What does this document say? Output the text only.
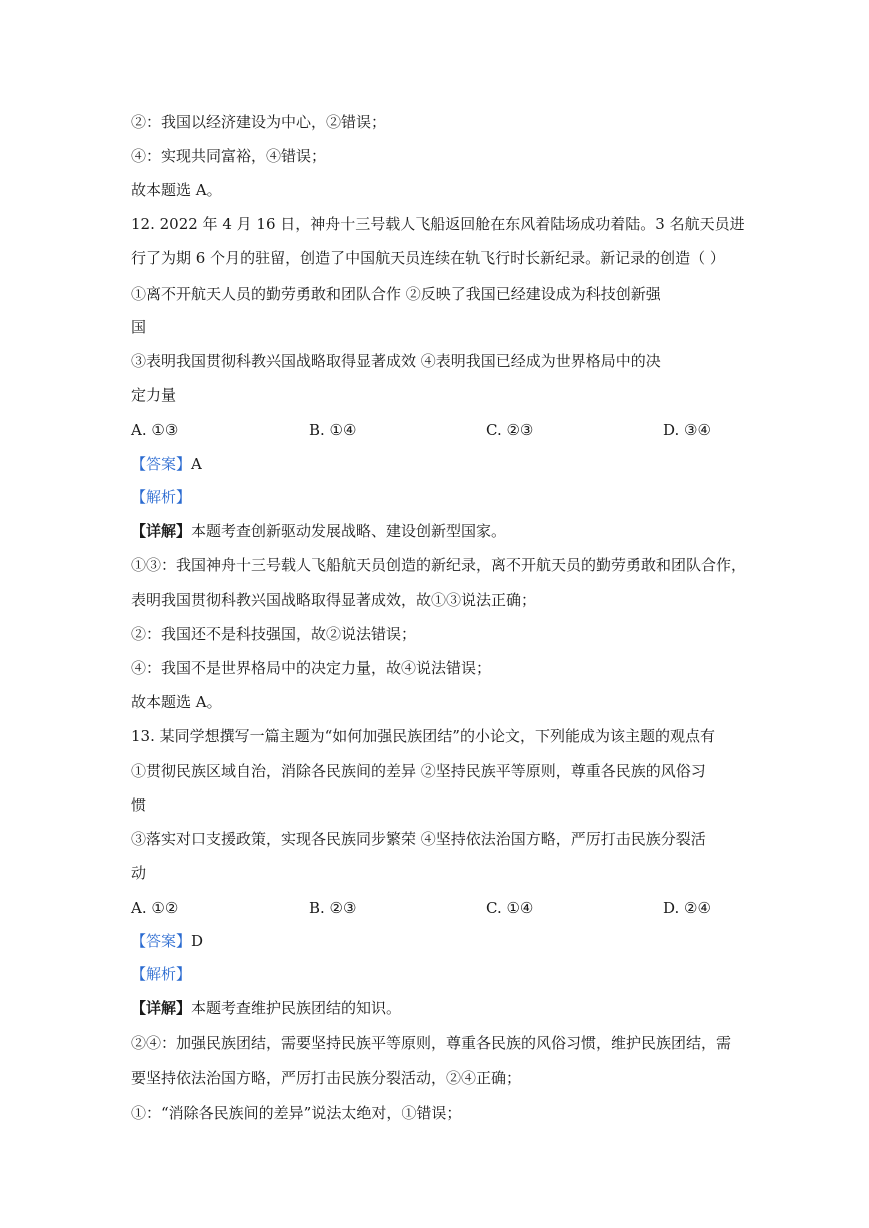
②：我国以经济建设为中心，②错误；
④：实现共同富裕，④错误；
故本题选 A。
12. 2022 年 4 月 16 日，神舟十三号载人飞船返回舱在东风着陆场成功着陆。3 名航天员进
行了为期 6 个月的驻留，创造了中国航天员连续在轨飞行时长新纪录。新记录的创造（ ）
①离不开航天人员的勤劳勇敢和团队合作 ②反映了我国已经建设成为科技创新强
国
③表明我国贯彻科教兴国战略取得显著成效 ④表明我国已经成为世界格局中的决
定力量
A. ①③	B. ①④	C. ②③	D. ③④
【答案】A
【解析】
【详解】本题考查创新驱动发展战略、建设创新型国家。
①③：我国神舟十三号载人飞船航天员创造的新纪录，离不开航天员的勤劳勇敢和团队合作，
表明我国贯彻科教兴国战略取得显著成效，故①③说法正确；
②：我国还不是科技强国，故②说法错误；
④：我国不是世界格局中的决定力量，故④说法错误；
故本题选 A。
13. 某同学想撰写一篇主题为“如何加强民族团结”的小论文，下列能成为该主题的观点有
①贯彻民族区域自治，消除各民族间的差异 ②坚持民族平等原则，尊重各民族的风俗习
惯
③落实对口支援政策，实现各民族同步繁荣 ④坚持依法治国方略，严厉打击民族分裂活
动
A. ①②	B. ②③	C. ①④	D. ②④
【答案】D
【解析】
【详解】本题考查维护民族团结的知识。
②④：加强民族团结，需要坚持民族平等原则，尊重各民族的风俗习惯，维护民族团结，需
要坚持依法治国方略，严厉打击民族分裂活动，②④正确；
①：“消除各民族间的差异”说法太绝对，①错误；
